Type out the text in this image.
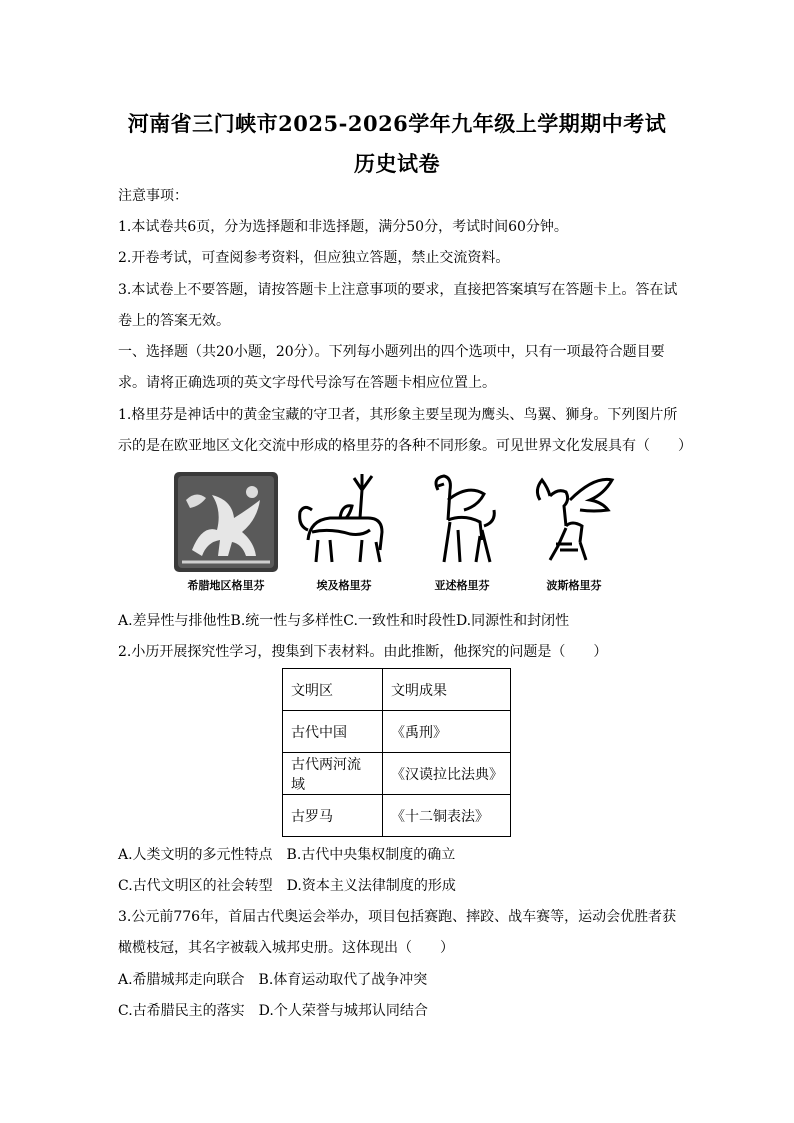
河南省三门峡市2025-2026学年九年级上学期期中考试
历史试卷
注意事项：
1.本试卷共6页，分为选择题和非选择题，满分50分，考试时间60分钟。
2.开卷考试，可查阅参考资料，但应独立答题，禁止交流资料。
3.本试卷上不要答题，请按答题卡上注意事项的要求，直接把答案填写在答题卡上。答在试
卷上的答案无效。
一、选择题（共20小题，20分）。下列每小题列出的四个选项中，只有一项最符合题目要
求。请将正确选项的英文字母代号涂写在答题卡相应位置上。
1.格里芬是神话中的黄金宝藏的守卫者，其形象主要呈现为鹰头、鸟翼、狮身。下列图片所
示的是在欧亚地区文化交流中形成的格里芬的各种不同形象。可见世界文化发展具有（　　）
希腊地区格里芬	埃及格里芬	亚述格里芬	波斯格里芬
A.差异性与排他性B.统一性与多样性C.一致性和时段性D.同源性和封闭性
2.小历开展探究性学习，搜集到下表材料。由此推断，他探究的问题是（　　）
文明区	文明成果
古代中国	《禹刑》
古代两河流域	《汉谟拉比法典》
古罗马	《十二铜表法》
A.人类文明的多元性特点　B.古代中央集权制度的确立
C.古代文明区的社会转型　D.资本主义法律制度的形成
3.公元前776年，首届古代奥运会举办，项目包括赛跑、摔跤、战车赛等，运动会优胜者获
橄榄枝冠，其名字被载入城邦史册。这体现出（　　）
A.希腊城邦走向联合　B.体育运动取代了战争冲突
C.古希腊民主的落实　D.个人荣誉与城邦认同结合
